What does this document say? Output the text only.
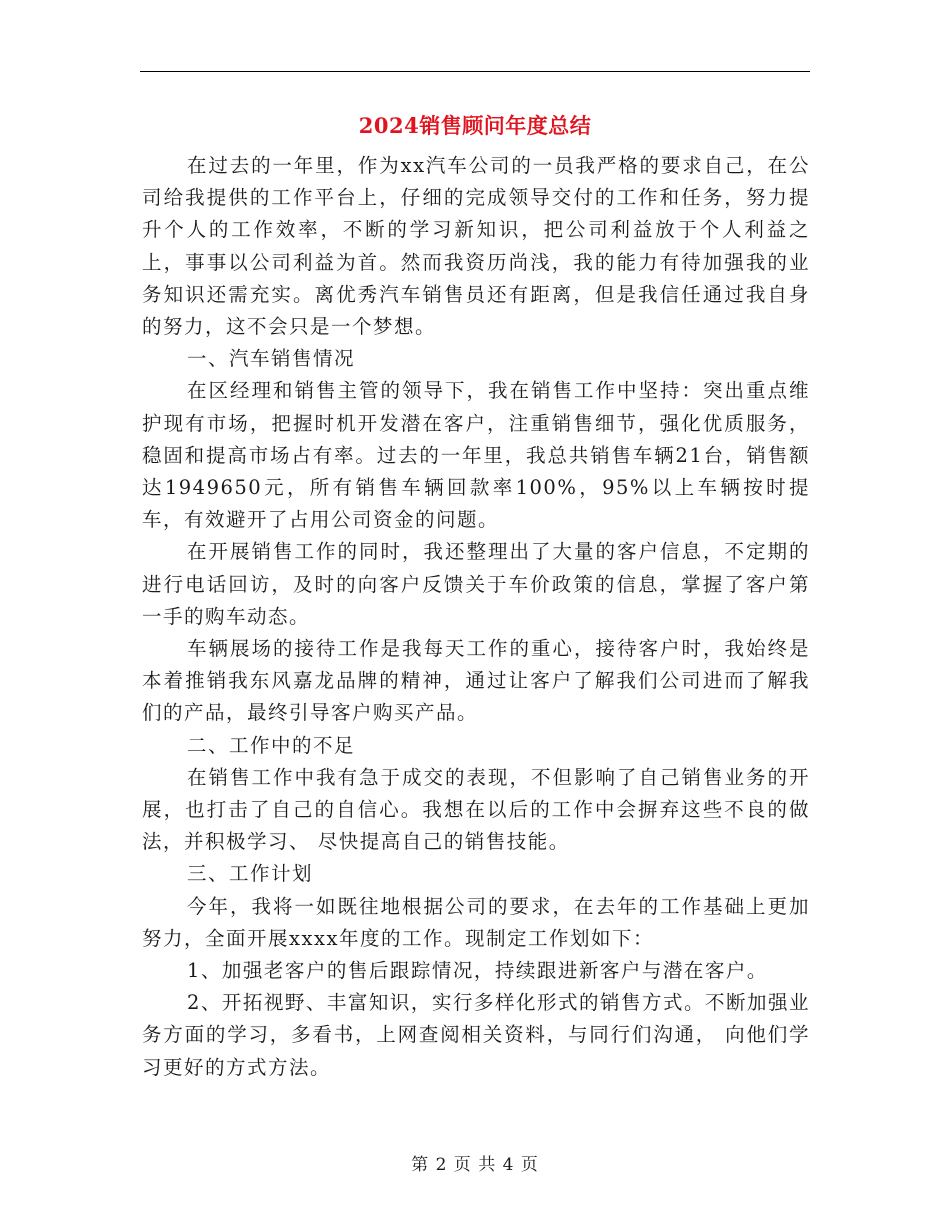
2024销售顾问年度总结

在过去的一年里，作为xx汽车公司的一员我严格的要求自己，在公司给我提供的工作平台上，仔细的完成领导交付的工作和任务，努力提升个人的工作效率，不断的学习新知识，把公司利益放于个人利益之上，事事以公司利益为首。然而我资历尚浅，我的能力有待加强我的业务知识还需充实。离优秀汽车销售员还有距离，但是我信任通过我自身的努力，这不会只是一个梦想。

一、汽车销售情况

在区经理和销售主管的领导下，我在销售工作中坚持：突出重点维护现有市场，把握时机开发潜在客户，注重销售细节，强化优质服务，稳固和提高市场占有率。过去的一年里，我总共销售车辆21台，销售额达1949650元，所有销售车辆回款率100%，95%以上车辆按时提车，有效避开了占用公司资金的问题。

在开展销售工作的同时，我还整理出了大量的客户信息，不定期的进行电话回访，及时的向客户反馈关于车价政策的信息，掌握了客户第一手的购车动态。

车辆展场的接待工作是我每天工作的重心，接待客户时，我始终是本着推销我东风嘉龙品牌的精神，通过让客户了解我们公司进而了解我们的产品，最终引导客户购买产品。

二、工作中的不足

在销售工作中我有急于成交的表现，不但影响了自己销售业务的开展，也打击了自己的自信心。我想在以后的工作中会摒弃这些不良的做法，并积极学习、 尽快提高自己的销售技能。

三、工作计划

今年，我将一如既往地根据公司的要求，在去年的工作基础上更加努力，全面开展xxxx年度的工作。现制定工作划如下：

1、加强老客户的售后跟踪情况，持续跟进新客户与潜在客户。

2、开拓视野、丰富知识，实行多样化形式的销售方式。不断加强业务方面的学习，多看书，上网查阅相关资料，与同行们沟通， 向他们学习更好的方式方法。

第 2 页 共 4 页
